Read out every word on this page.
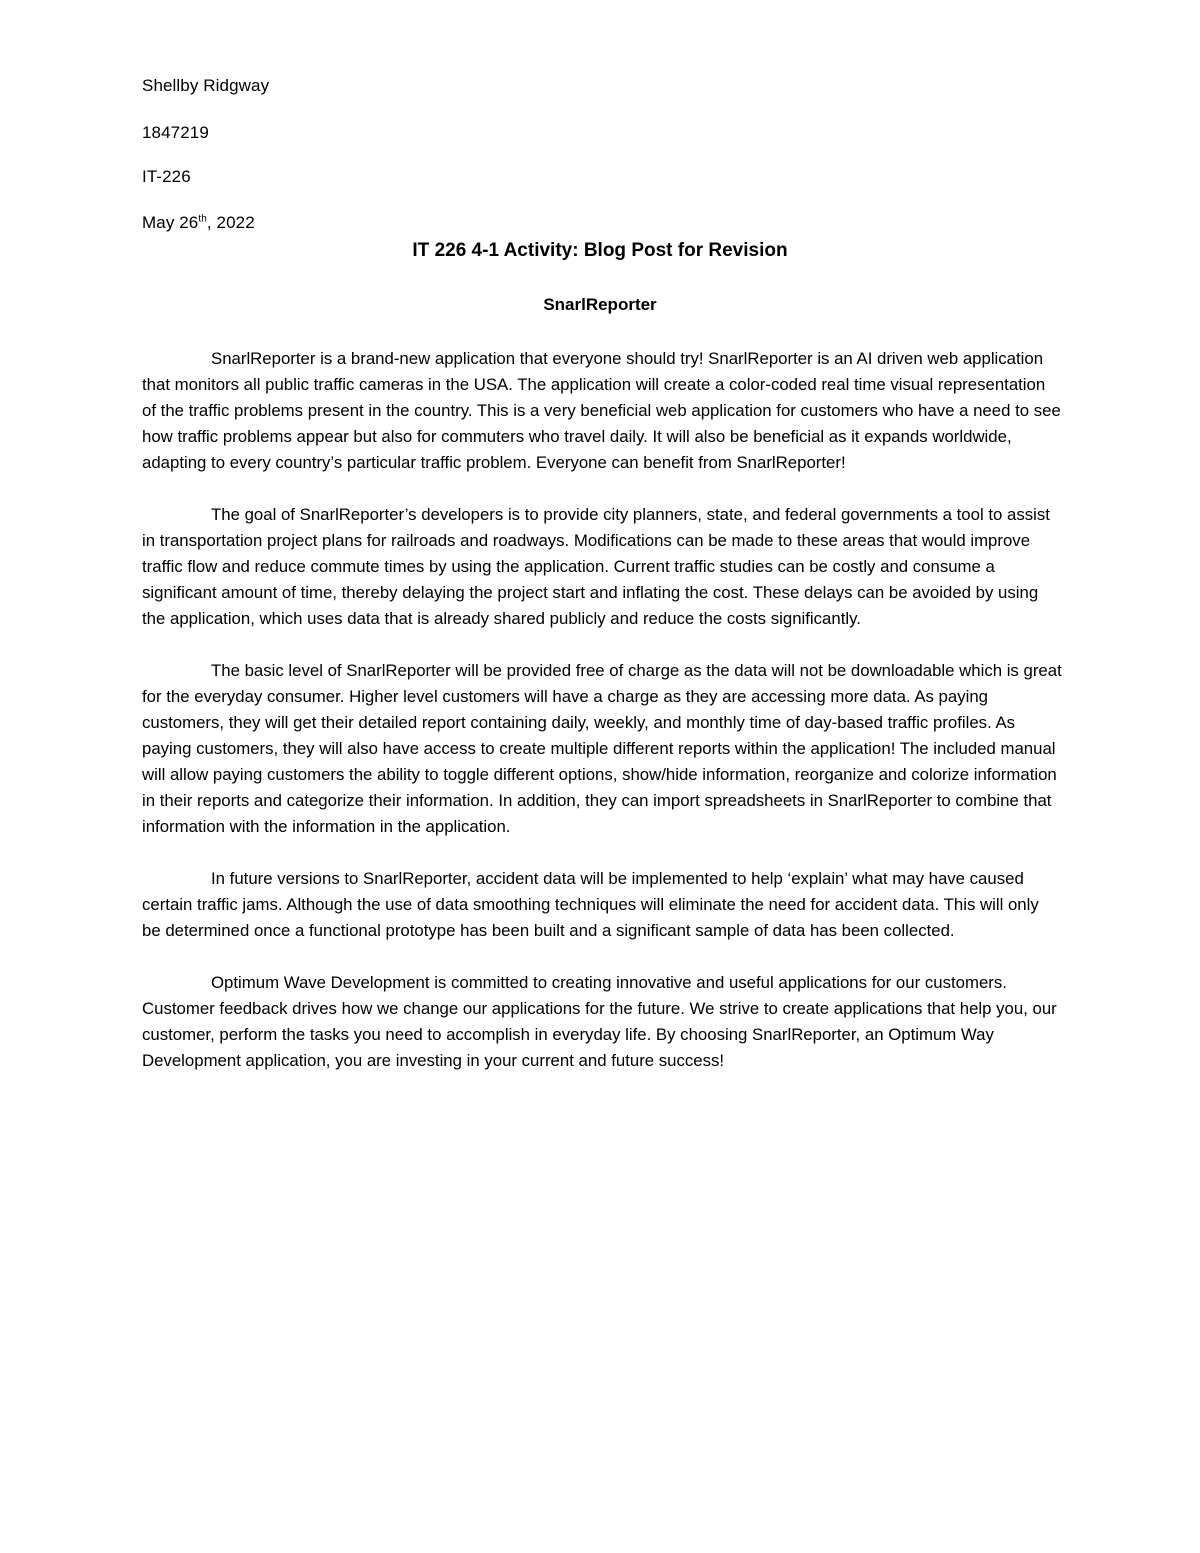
Shellby Ridgway

1847219

IT-226

May 26th, 2022

IT 226 4-1 Activity: Blog Post for Revision
SnarlReporter

SnarlReporter is a brand-new application that everyone should try! SnarlReporter is an AI driven web application that monitors all public traffic cameras in the USA. The application will create a color-coded real time visual representation of the traffic problems present in the country. This is a very beneficial web application for customers who have a need to see how traffic problems appear but also for commuters who travel daily. It will also be beneficial as it expands worldwide, adapting to every country’s particular traffic problem. Everyone can benefit from SnarlReporter!

The goal of SnarlReporter’s developers is to provide city planners, state, and federal governments a tool to assist in transportation project plans for railroads and roadways. Modifications can be made to these areas that would improve traffic flow and reduce commute times by using the application. Current traffic studies can be costly and consume a significant amount of time, thereby delaying the project start and inflating the cost. These delays can be avoided by using the application, which uses data that is already shared publicly and reduce the costs significantly.

The basic level of SnarlReporter will be provided free of charge as the data will not be downloadable which is great for the everyday consumer. Higher level customers will have a charge as they are accessing more data. As paying customers, they will get their detailed report containing daily, weekly, and monthly time of day-based traffic profiles. As paying customers, they will also have access to create multiple different reports within the application! The included manual will allow paying customers the ability to toggle different options, show/hide information, reorganize and colorize information in their reports and categorize their information. In addition, they can import spreadsheets in SnarlReporter to combine that information with the information in the application.

In future versions to SnarlReporter, accident data will be implemented to help ‘explain’ what may have caused certain traffic jams. Although the use of data smoothing techniques will eliminate the need for accident data. This will only be determined once a functional prototype has been built and a significant sample of data has been collected.

Optimum Wave Development is committed to creating innovative and useful applications for our customers. Customer feedback drives how we change our applications for the future. We strive to create applications that help you, our customer, perform the tasks you need to accomplish in everyday life. By choosing SnarlReporter, an Optimum Way Development application, you are investing in your current and future success!
